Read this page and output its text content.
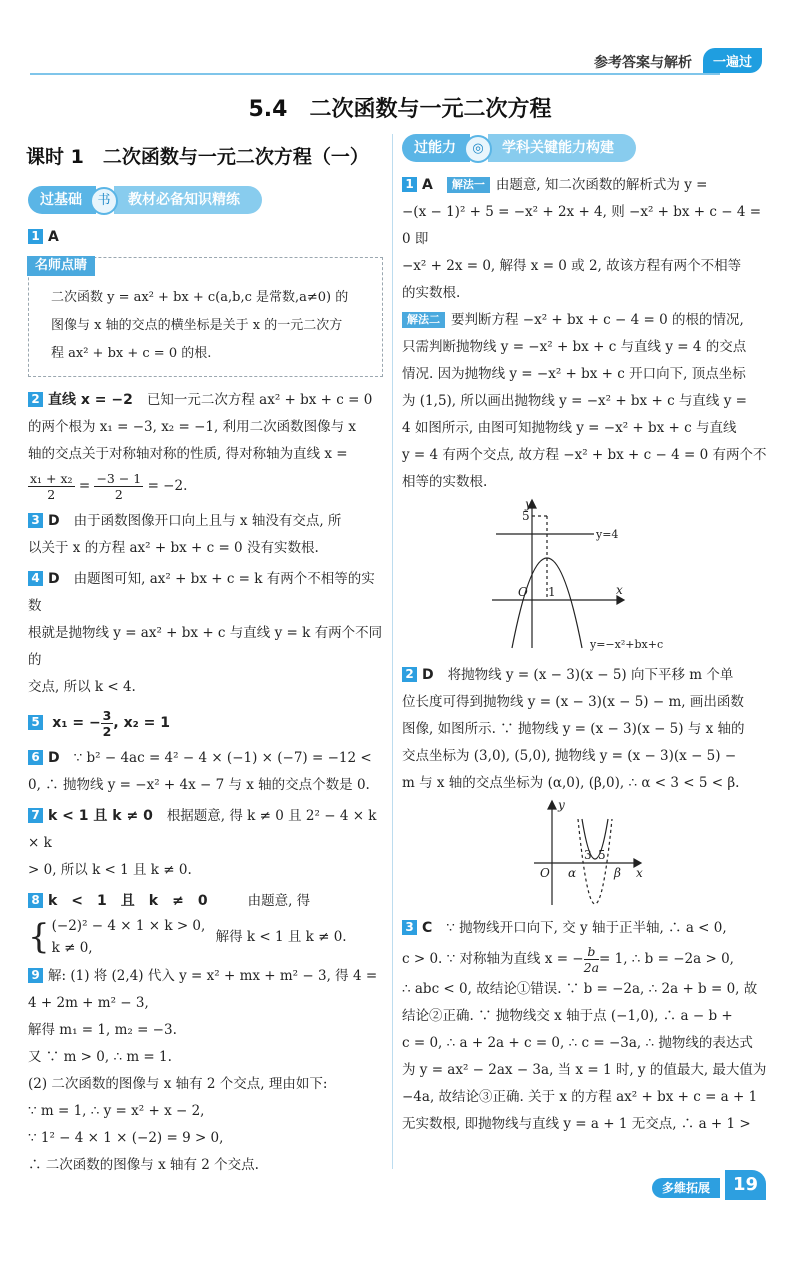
参考答案与解析	一遍过
5.4　二次函数与一元二次方程
课时 1　二次函数与一元二次方程（一）
过基础 书 教材必备知识精练
1 A
名师点睛
二次函数 y = ax² + bx + c(a,b,c 是常数,a≠0) 的
图像与 x 轴的交点的横坐标是关于 x 的一元二次方
程 ax² + bx + c = 0 的根.
2 直线 x = −2 已知一元二次方程 ax² + bx + c = 0
的两个根为 x₁ = −3, x₂ = −1, 利用二次函数图像与 x
轴的交点关于对称轴对称的性质, 得对称轴为直线 x =
$\frac{\text{x₁ + x₂}}{2} = \frac{-3 - 1}{2} = -2$.
3 D 由于函数图像开口向上且与 x 轴没有交点, 所
以关于 x 的方程 ax² + bx + c = 0 没有实数根.
4 D 由题图可知, ax² + bx + c = k 有两个不相等的实数
根就是抛物线 y = ax² + bx + c 与直线 y = k 有两个不同的
交点, 所以 k < 4.
5 x₁ = − $\frac{3}{2}$ , x₂ = 1
6 D ∵ b² − 4ac = 4² − 4 × (−1) × (−7) = −12 <
0, ∴ 抛物线 y = −x² + 4x − 7 与 x 轴的交点个数是 0.
7 k < 1 且 k ≠ 0 根据题意, 得 k ≠ 0 且 2² − 4 × k × k
> 0, 所以 k < 1 且 k ≠ 0.
8 k　<　1　且　k　≠　0	由题意, 得
{ (−2)² − 4 × 1 × k > 0,
k ≠ 0,
解得 k < 1 且 k ≠ 0.
9 解: (1) 将 (2,4) 代入 y = x² + mx + m² − 3, 得 4 =
4 + 2m + m² − 3,
解得 m₁ = 1, m₂ = −3.
又 ∵ m > 0, ∴ m = 1.
(2) 二次函数的图像与 x 轴有 2 个交点, 理由如下:
∵ m = 1, ∴ y = x² + x − 2,
∵ 1² − 4 × 1 × (−2) = 9 > 0,
∴ 二次函数的图像与 x 轴有 2 个交点.
过能力 ◎ 学科关键能力构建
1 A 解法一 由题意, 知二次函数的解析式为 y =
−(x − 1)² + 5 = −x² + 2x + 4, 则 −x² + bx + c − 4 = 0 即
−x² + 2x = 0, 解得 x = 0 或 2, 故该方程有两个不相等
的实数根.
解法二 要判断方程 −x² + bx + c − 4 = 0 的根的情况,
只需判断抛物线 y = −x² + bx + c 与直线 y = 4 的交点
情况. 因为抛物线 y = −x² + bx + c 开口向下, 顶点坐标
为 (1,5), 所以画出抛物线 y = −x² + bx + c 与直线 y =
4 如图所示, 由图可知抛物线 y = −x² + bx + c 与直线
y = 4 有两个交点, 故方程 −x² + bx + c − 4 = 0 有两个不
相等的实数根.
y
x
O 1
5
y=4
y=−x²+bx+c
2 D 将抛物线 y = (x − 3)(x − 5) 向下平移 m 个单
位长度可得到抛物线 y = (x − 3)(x − 5) − m, 画出函数
图像, 如图所示. ∵ 抛物线 y = (x − 3)(x − 5) 与 x 轴的
交点坐标为 (3,0), (5,0), 抛物线 y = (x − 3)(x − 5) −
m 与 x 轴的交点坐标为 (α,0), (β,0), ∴ α < 3 < 5 < β.
y
x
O α	β
3 5
3 C ∵ 抛物线开口向下, 交 y 轴于正半轴, ∴ a < 0,
c > 0. ∵ 对称轴为直线 x = − $\frac{b}{2a} = 1$, ∴ b = −2a > 0,
∴ abc < 0, 故结论①错误. ∵ b = −2a, ∴ 2a + b = 0, 故
结论②正确. ∵ 抛物线交 x 轴于点 (−1,0), ∴ a − b +
c = 0, ∴ a + 2a + c = 0, ∴ c = −3a, ∴ 抛物线的表达式
为 y = ax² − 2ax − 3a, 当 x = 1 时, y 的值最大, 最大值为
−4a, 故结论③正确. 关于 x 的方程 ax² + bx + c = a + 1
无实数根, 即抛物线与直线 y = a + 1 无交点, ∴ a + 1 >
多維拓展	19
